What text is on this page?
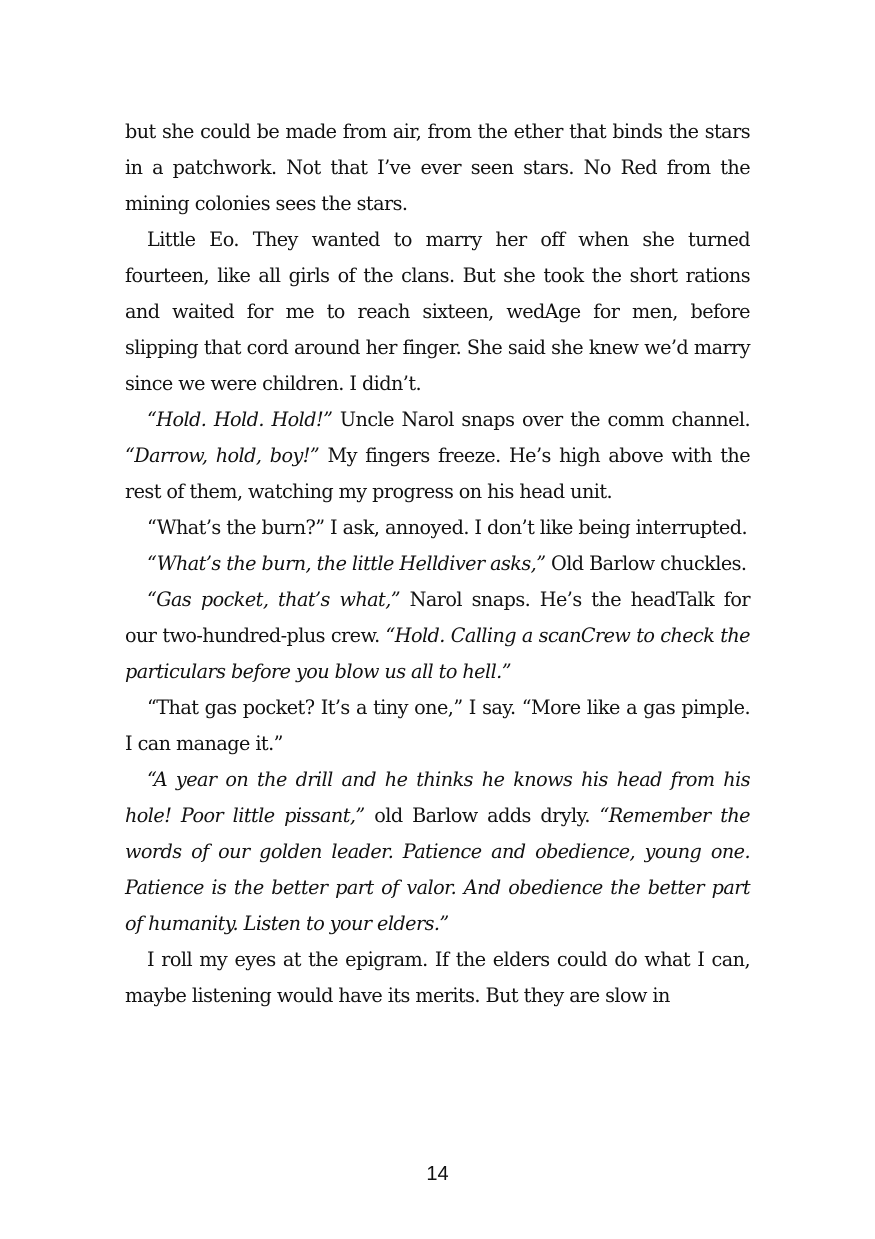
but she could be made from air, from the ether that binds the stars in a patchwork. Not that I’ve ever seen stars. No Red from the mining colonies sees the stars.

Little Eo. They wanted to marry her off when she turned fourteen, like all girls of the clans. But she took the short rations and waited for me to reach sixteen, wedAge for men, before slipping that cord around her finger. She said she knew we’d marry since we were children. I didn’t.

“Hold. Hold. Hold!” Uncle Narol snaps over the comm channel. “Darrow, hold, boy!” My fingers freeze. He’s high above with the rest of them, watching my progress on his head unit.

“What’s the burn?” I ask, annoyed. I don’t like being interrupted.

“What’s the burn, the little Helldiver asks,” Old Barlow chuckles.

“Gas pocket, that’s what,” Narol snaps. He’s the headTalk for our two-hundred-plus crew. “Hold. Calling a scanCrew to check the particulars before you blow us all to hell.”

“That gas pocket? It’s a tiny one,” I say. “More like a gas pimple. I can manage it.”

“A year on the drill and he thinks he knows his head from his hole! Poor little pissant,” old Barlow adds dryly. “Remember the words of our golden leader. Patience and obedience, young one. Patience is the better part of valor. And obedience the better part of humanity. Listen to your elders.”

I roll my eyes at the epigram. If the elders could do what I can, maybe listening would have its merits. But they are slow in

14
